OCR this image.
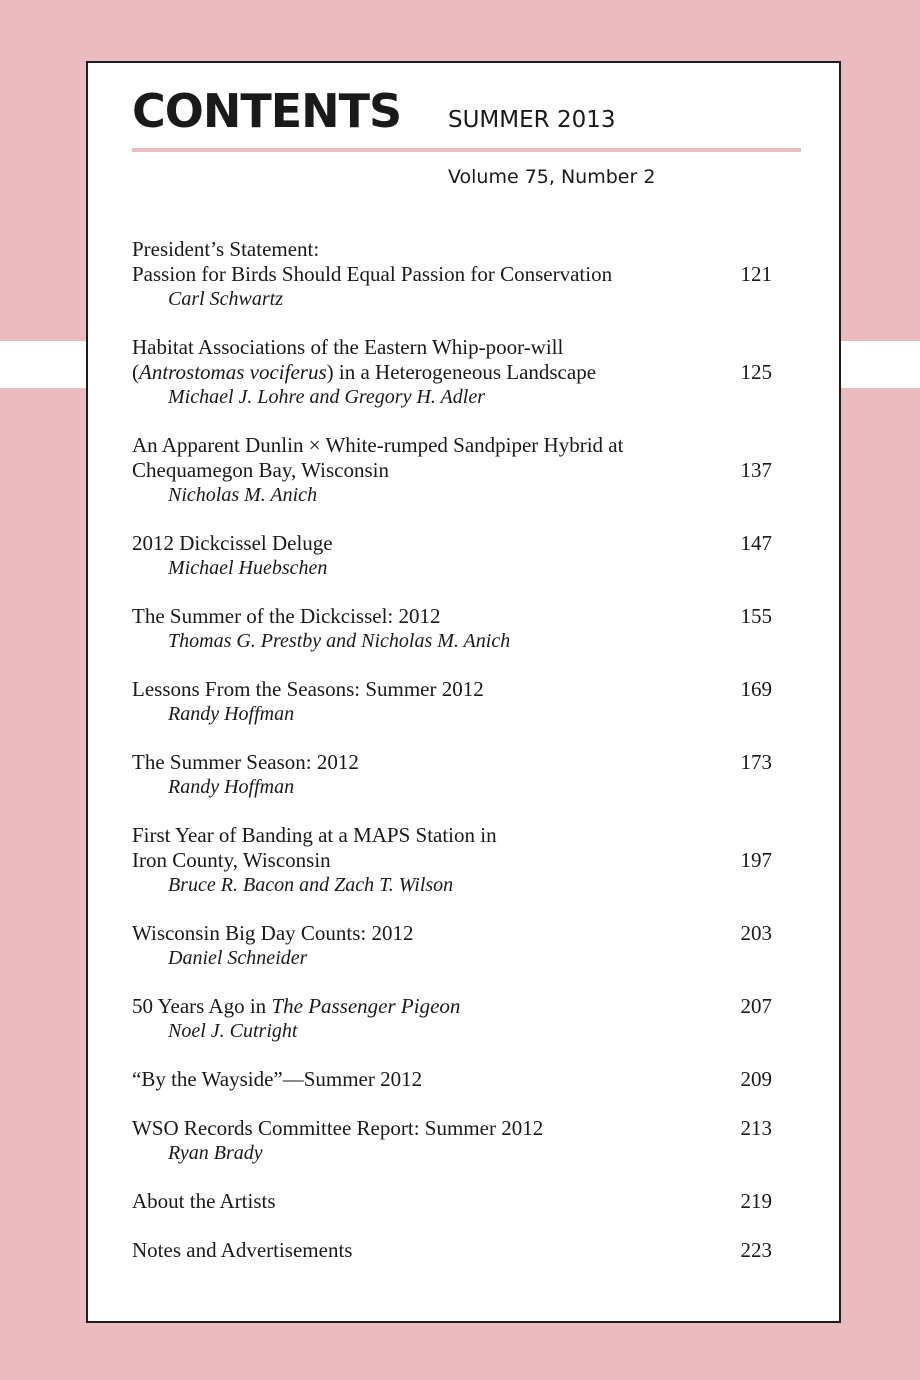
CONTENTS SUMMER 2013
Volume 75, Number 2
President’s Statement:
Passion for Birds Should Equal Passion for Conservation	121
Carl Schwartz
Habitat Associations of the Eastern Whip-poor-will
(Antrostomas vociferus) in a Heterogeneous Landscape	125
Michael J. Lohre and Gregory H. Adler
An Apparent Dunlin × White-rumped Sandpiper Hybrid at
Chequamegon Bay, Wisconsin	137
Nicholas M. Anich
2012 Dickcissel Deluge	147
Michael Huebschen
The Summer of the Dickcissel: 2012	155
Thomas G. Prestby and Nicholas M. Anich
Lessons From the Seasons: Summer 2012	169
Randy Hoffman
The Summer Season: 2012	173
Randy Hoffman
First Year of Banding at a MAPS Station in
Iron County, Wisconsin	197
Bruce R. Bacon and Zach T. Wilson
Wisconsin Big Day Counts: 2012	203
Daniel Schneider
50 Years Ago in The Passenger Pigeon	207
Noel J. Cutright
“By the Wayside”—Summer 2012	209
WSO Records Committee Report: Summer 2012	213
Ryan Brady
About the Artists	219
Notes and Advertisements	223
